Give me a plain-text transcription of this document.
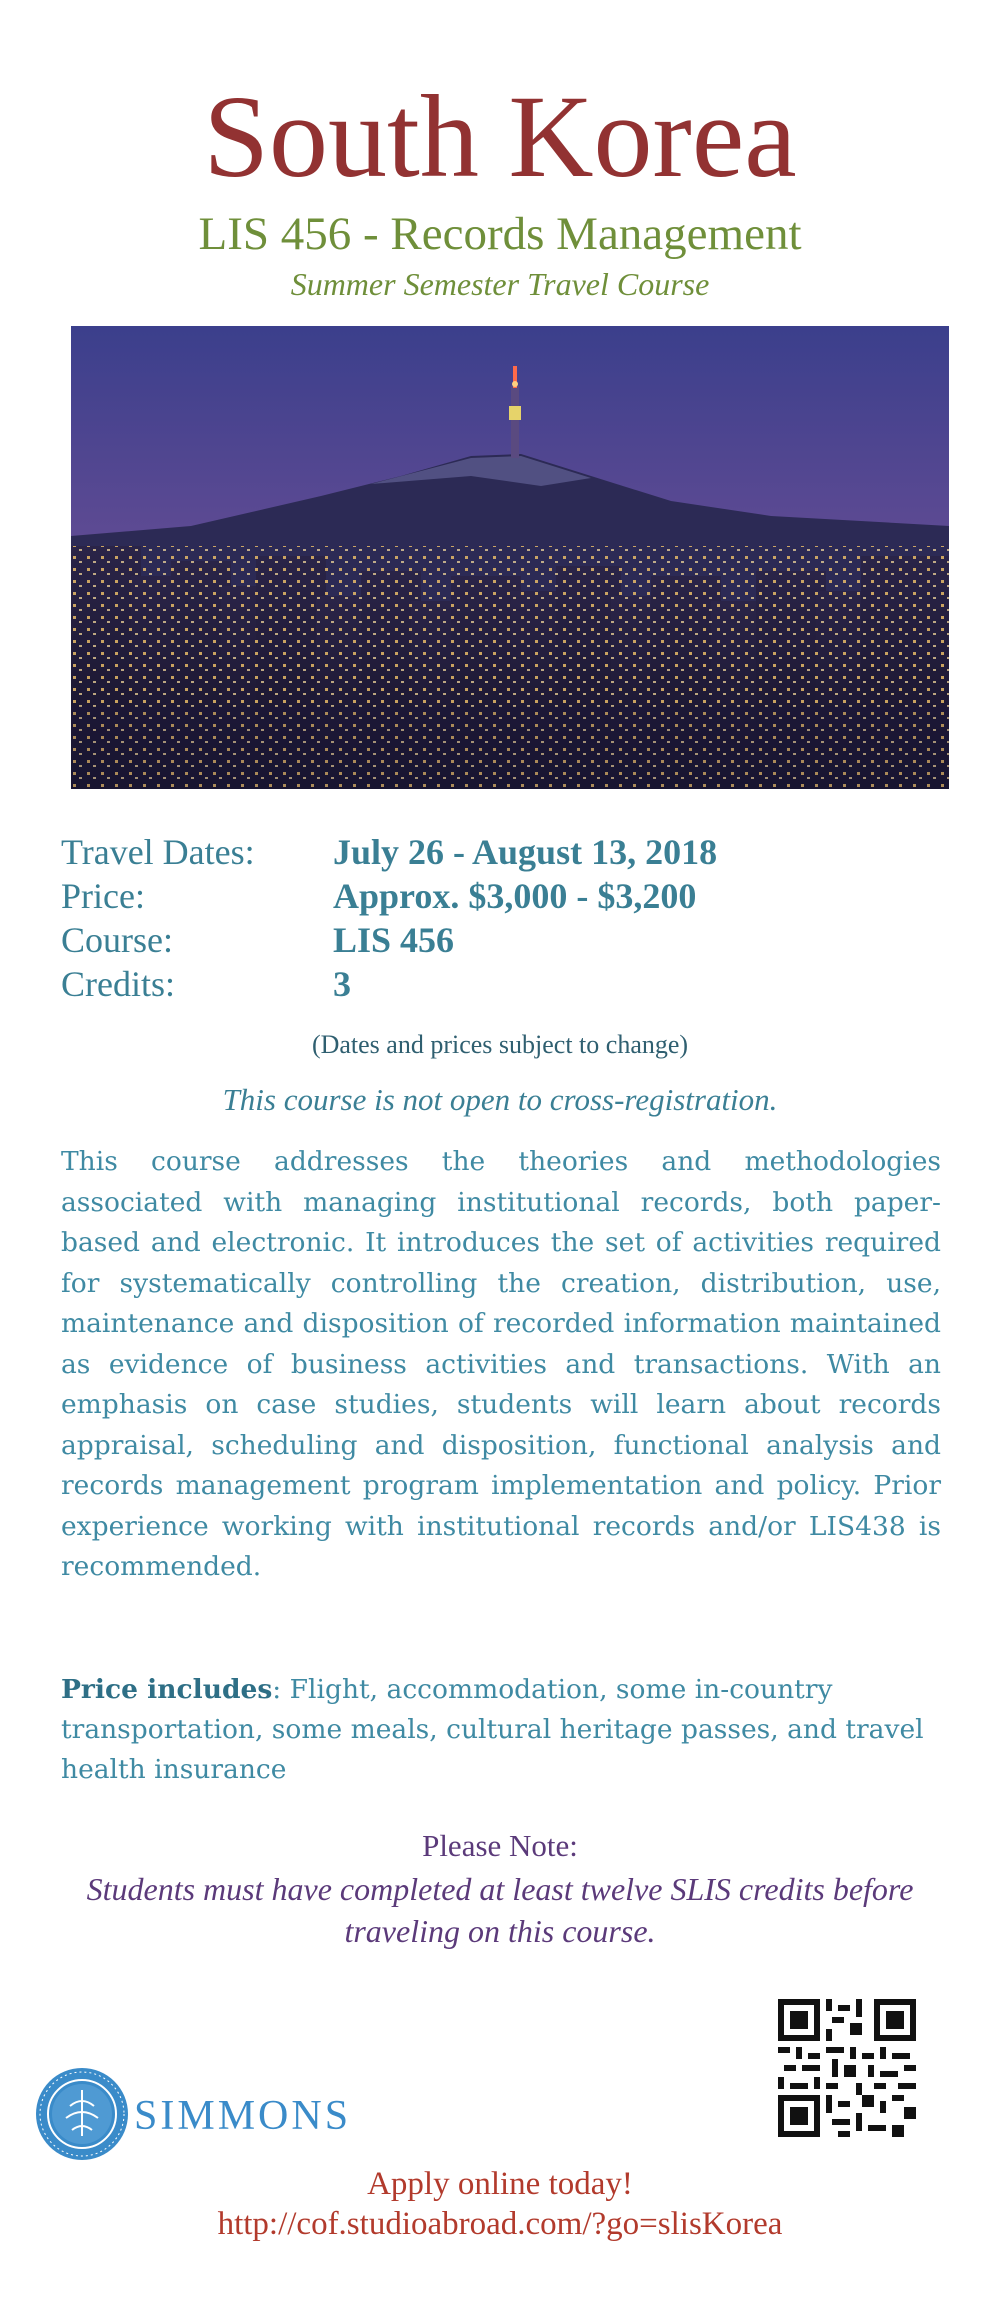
South Korea
LIS 456 - Records Management
Summer Semester Travel Course
Travel Dates:	July 26 - August 13, 2018
Price:	Approx. $3,000 - $3,200
Course:	LIS 456
Credits:	3
(Dates and prices subject to change)
This course is not open to cross-registration.

This course addresses the theories and methodologies associated with managing institutional records, both paper-based and electronic. It introduces the set of activities required for systematically controlling the creation, distribution, use, maintenance and disposition of recorded information maintained as evidence of business activities and transactions. With an emphasis on case studies, students will learn about records appraisal, scheduling and disposition, functional analysis and records management program implementation and policy. Prior experience working with institutional records and/or LIS438 is recommended.

Price includes: Flight, accommodation, some in-country transportation, some meals, cultural heritage passes, and travel health insurance

Please Note:
Students must have completed at least twelve SLIS credits before traveling on this course.
SIMMONS
Apply online today!
http://cof.studioabroad.com/?go=slisKorea
